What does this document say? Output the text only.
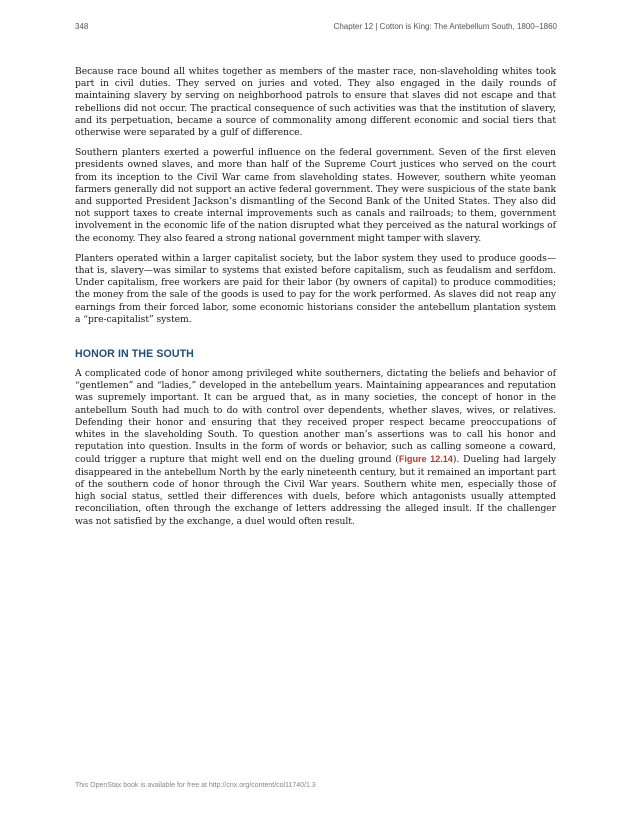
348	Chapter 12 | Cotton is King: The Antebellum South, 1800–1860

Because race bound all whites together as members of the master race, non-slaveholding whites took part in civil duties. They served on juries and voted. They also engaged in the daily rounds of maintaining slavery by serving on neighborhood patrols to ensure that slaves did not escape and that rebellions did not occur. The practical consequence of such activities was that the institution of slavery, and its perpetuation, became a source of commonality among different economic and social tiers that otherwise were separated by a gulf of difference.

Southern planters exerted a powerful influence on the federal government. Seven of the first eleven presidents owned slaves, and more than half of the Supreme Court justices who served on the court from its inception to the Civil War came from slaveholding states. However, southern white yeoman farmers generally did not support an active federal government. They were suspicious of the state bank and supported President Jackson’s dismantling of the Second Bank of the United States. They also did not support taxes to create internal improvements such as canals and railroads; to them, government involvement in the economic life of the nation disrupted what they perceived as the natural workings of the economy. They also feared a strong national government might tamper with slavery.

Planters operated within a larger capitalist society, but the labor system they used to produce goods—that is, slavery—was similar to systems that existed before capitalism, such as feudalism and serfdom. Under capitalism, free workers are paid for their labor (by owners of capital) to produce commodities; the money from the sale of the goods is used to pay for the work performed. As slaves did not reap any earnings from their forced labor, some economic historians consider the antebellum plantation system a “pre-capitalist” system.

HONOR IN THE SOUTH

A complicated code of honor among privileged white southerners, dictating the beliefs and behavior of “gentlemen” and “ladies,” developed in the antebellum years. Maintaining appearances and reputation was supremely important. It can be argued that, as in many societies, the concept of honor in the antebellum South had much to do with control over dependents, whether slaves, wives, or relatives. Defending their honor and ensuring that they received proper respect became preoccupations of whites in the slaveholding South. To question another man’s assertions was to call his honor and reputation into question. Insults in the form of words or behavior, such as calling someone a coward, could trigger a rupture that might well end on the dueling ground (Figure 12.14). Dueling had largely disappeared in the antebellum North by the early nineteenth century, but it remained an important part of the southern code of honor through the Civil War years. Southern white men, especially those of high social status, settled their differences with duels, before which antagonists usually attempted reconciliation, often through the exchange of letters addressing the alleged insult. If the challenger was not satisfied by the exchange, a duel would often result.

This OpenStax book is available for free at http://cnx.org/content/col11740/1.3
